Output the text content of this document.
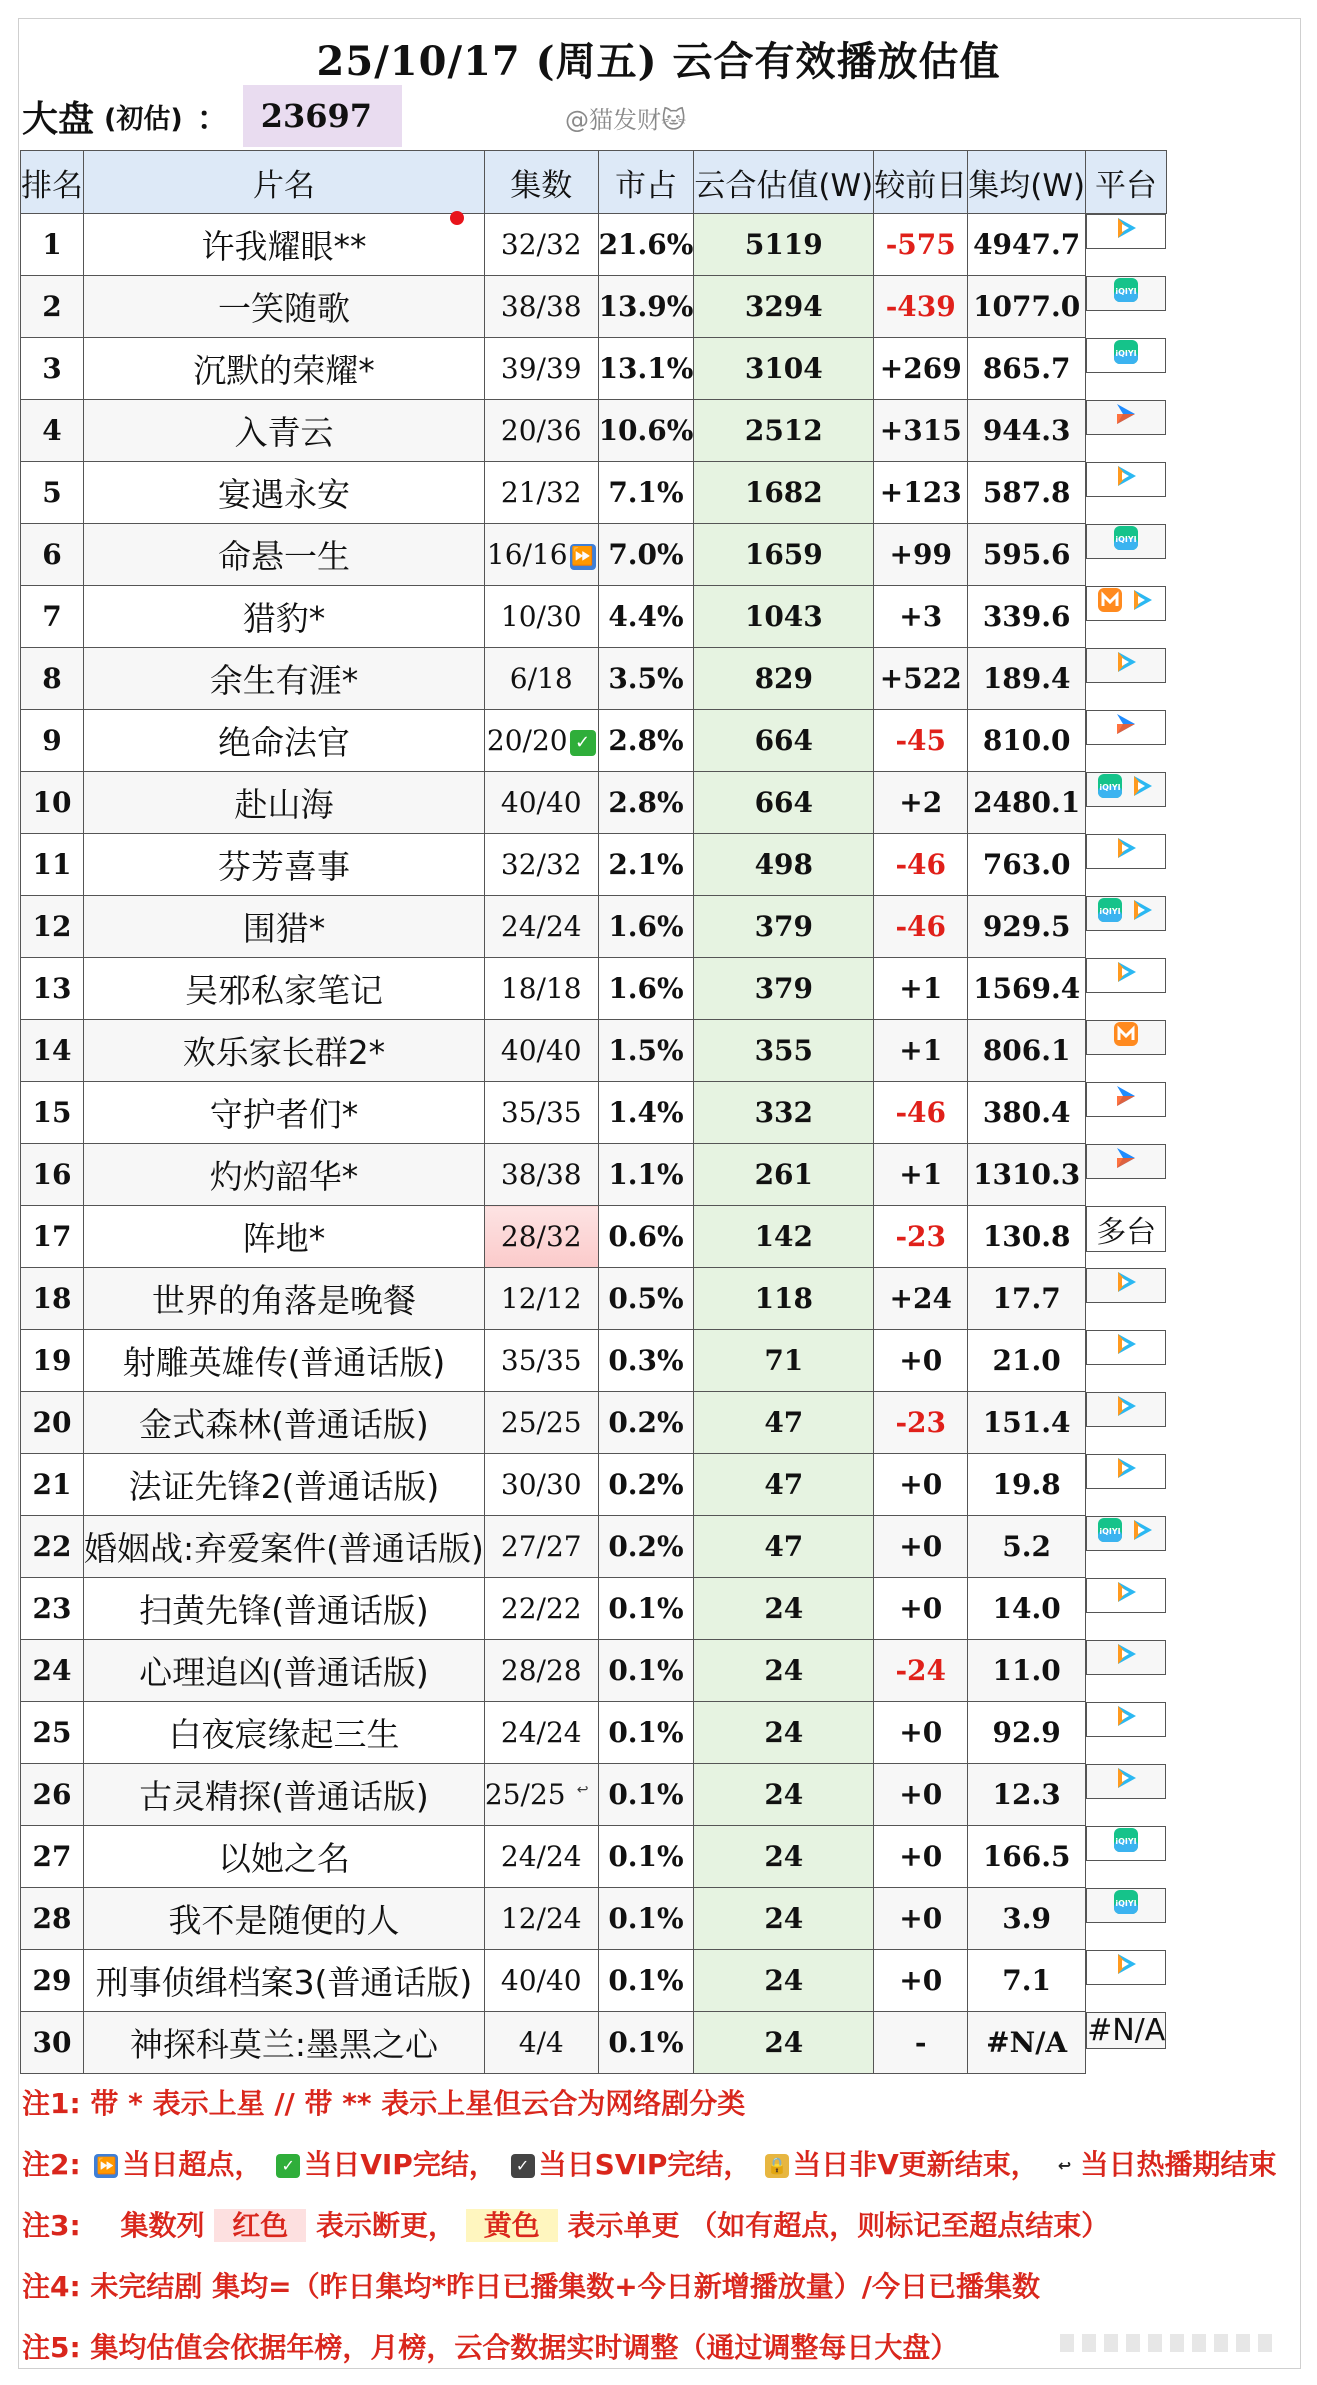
25/10/17 (周五) 云合有效播放估值
大盘 (初估) ：	23697	@猫发财🐱
排名	片名	集数	市占	云合估值(W)	较前日	集均(W)	平台
1	许我耀眼**	32/32	21.6%	5119	-575	4947.7	

2	一笑随歌	38/38	13.9%	3294	-439	1077.0		iQIYI

3	沉默的荣耀*	39/39	13.1%	3104	+269	865.7		iQIYI

4	入青云	20/36	10.6%	2512	+315	944.3	

5	宴遇永安	21/32	7.1%	1682	+123	587.8	

6	命悬一生	16/16 ⏩	7.0%	1659	+99	595.6		iQIYI

7	猎豹*	10/30	4.4%	1043	+3	339.6	

8	余生有涯*	6/18	3.5%	829	+522	189.4	

9	绝命法官	20/20 ✓	2.8%	664	-45	810.0	

10	赴山海	40/40	2.8%	664	+2	2480.1	iQIYI

11	芬芳喜事	32/32	2.1%	498	-46	763.0	

12	围猎*	24/24	1.6%	379	-46	929.5		iQIYI

13	吴邪私家笔记	18/18	1.6%	379	+1	1569.4	

14	欢乐家长群2*	40/40	1.5%	355	+1	806.1	

15	守护者们*	35/35	1.4%	332	-46	380.4	

16	灼灼韶华*	38/38	1.1%	261	+1	1310.3	

17	阵地*	28/32	0.6%	142	-23	130.8	多台

18	世界的角落是晚餐	12/12	0.5%	118	+24	17.7	

19	射雕英雄传(普通话版)	35/35	0.3%	71	+0	21.0	

20	金式森林(普通话版)	25/25	0.2%	47	-23	151.4	

21	法证先锋2(普通话版)	30/30	0.2%	47	+0	19.8	

22	婚姻战:弃爱案件(普通话版)	27/27	0.2%	47	+0	5.2		iQIYI

23	扫黄先锋(普通话版)	22/22	0.1%	24	+0	14.0	

24	心理追凶(普通话版)	28/28	0.1%	24	-24	11.0	

25	白夜宸缘起三生	24/24	0.1%	24	+0	92.9	

26	古灵精探(普通话版)	25/25 ↩	0.1%	24	+0	12.3	

27	以她之名	24/24	0.1%	24	+0	166.5		iQIYI

28	我不是随便的人	12/24	0.1%	24	+0	3.9		iQIYI

29	刑事侦缉档案3(普通话版)	40/40	0.1%	24	+0	7.1	

30	神探科莫兰:墨黑之心	4/4	0.1%	24	-	#N/A	#N/A
注1: 带 * 表示上星 // 带 ** 表示上星但云合为网络剧分类
注2: ⏩ 当日超点， ✓ 当日VIP完结， ✓ 当日SVIP完结， 🔒 当日非V更新结束， ↩ 当日热播期结束
注3: 集数列 红色 表示断更， 黄色 表示单更 （如有超点，则标记至超点结束）
注4: 未完结剧 集均=（昨日集均*昨日已播集数+今日新增播放量）/今日已播集数
注5: 集均估值会依据年榜，月榜，云合数据实时调整（通过调整每日大盘）
